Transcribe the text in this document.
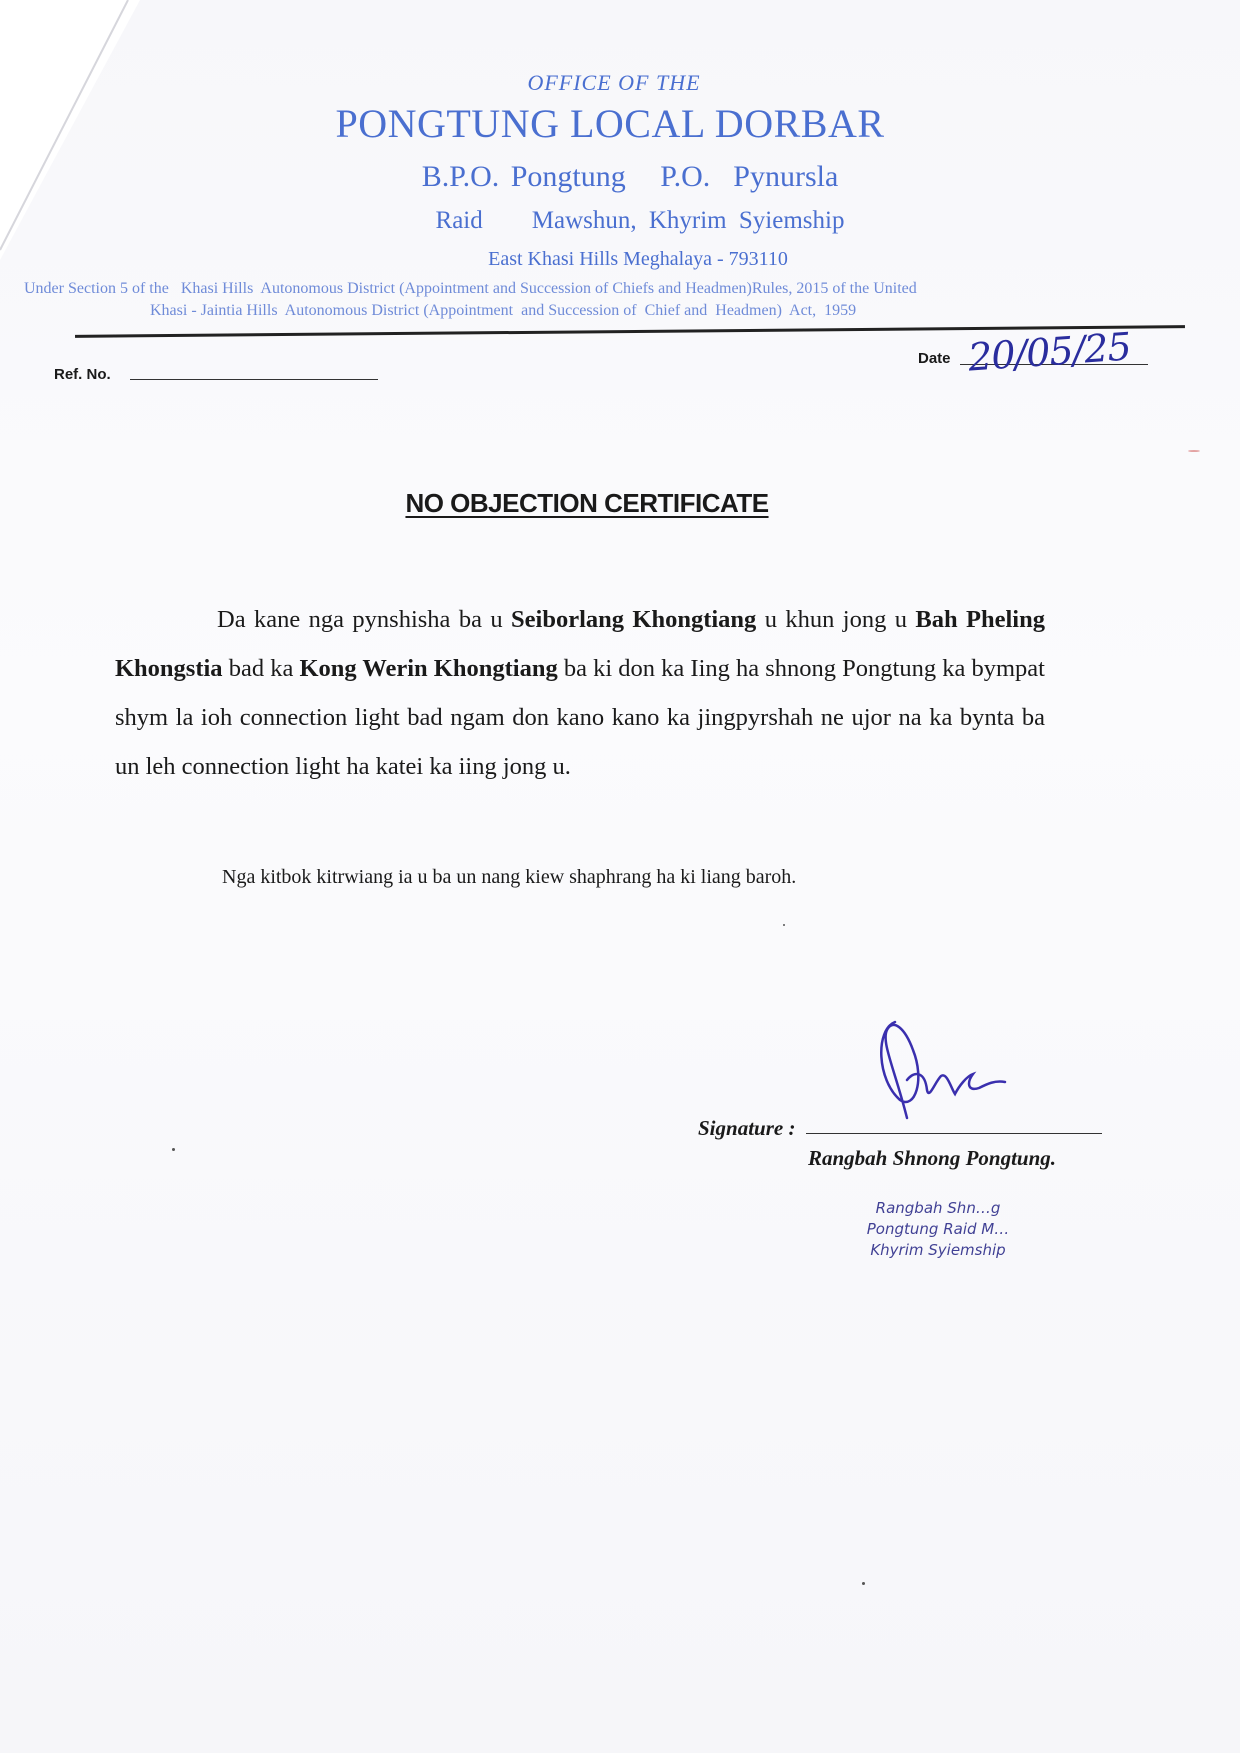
OFFICE OF THE
PONGTUNG LOCAL DORBAR
B.P.O. Pongtung   P.O.  Pynursla
Raid    Mawshun, Khyrim Syiemship
East Khasi Hills Meghalaya - 793110
Under Section 5 of the   Khasi Hills  Autonomous District (Appointment and Succession of Chiefs and Headmen)Rules, 2015 of the United
Khasi - Jaintia Hills  Autonomous District (Appointment  and Succession of  Chief and  Headmen)  Act,  1959
Ref. No.
Date 20/05/25
NO OBJECTION CERTIFICATE
Da kane nga pynshisha ba u Seiborlang Khongtiang u khun jong u Bah Pheling Khongstia bad ka Kong Werin Khongtiang ba ki don ka Iing ha shnong Pongtung ka bympat shym la ioh connection light bad ngam don kano kano ka jingpyrshah ne ujor na ka bynta ba un leh connection light ha katei ka iing jong u.
Nga kitbok kitrwiang ia u ba un nang kiew shaphrang ha ki liang baroh.
Signature :
Rangbah Shnong Pongtung.
Rangbah Shn…g
Pongtung Raid M…
Khyrim Syiemship
